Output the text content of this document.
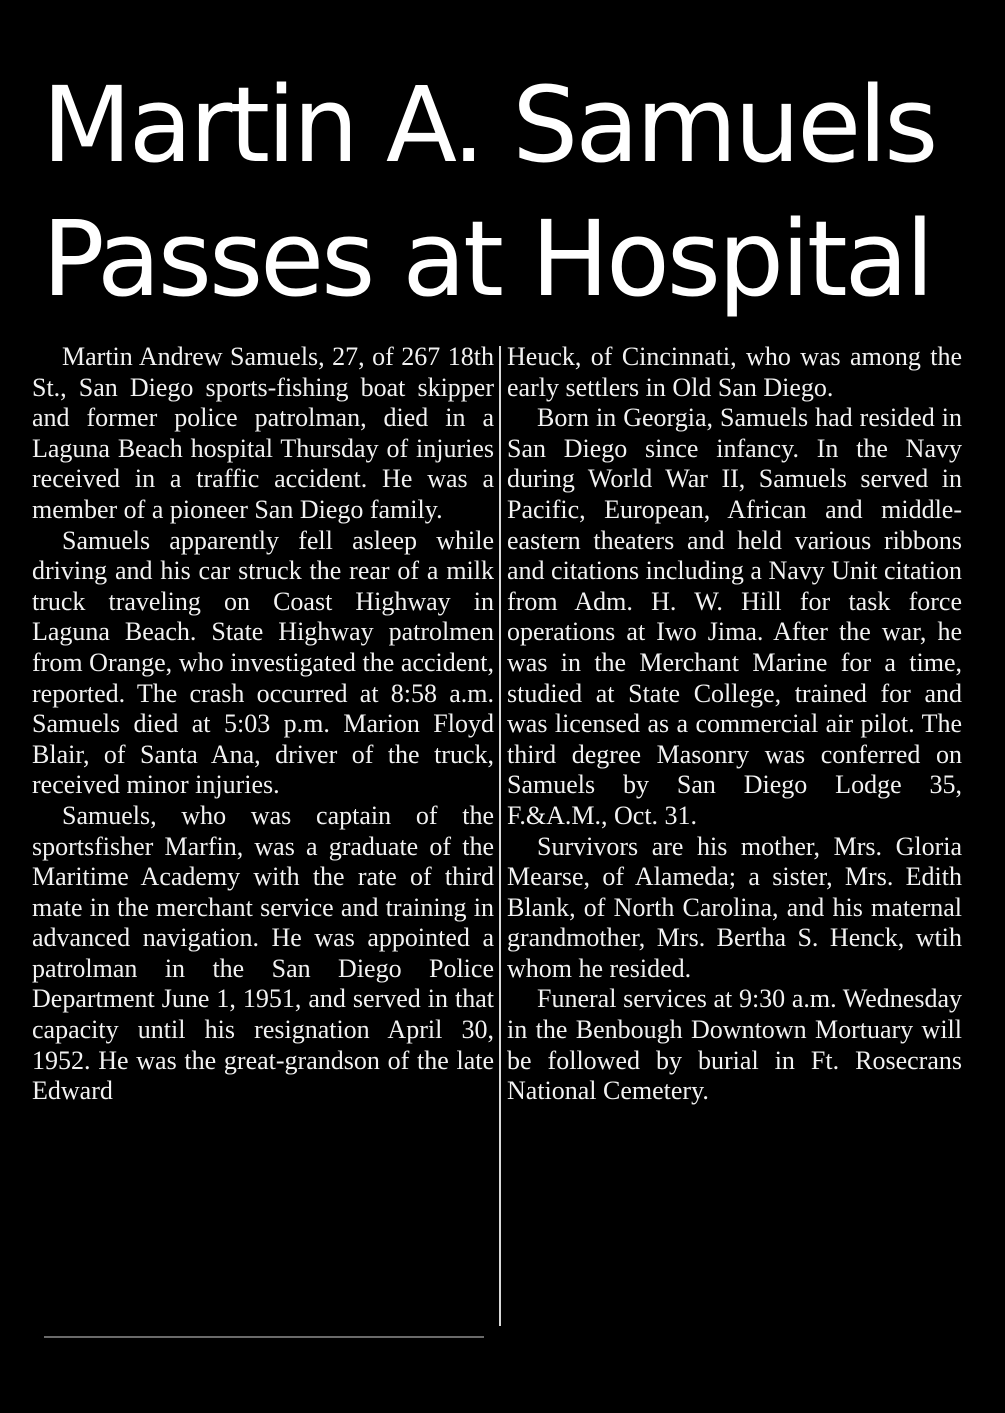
Martin A. Samuels
Passes at Hospital

Martin Andrew Samuels, 27, of 267 18th St., San Diego sports-fishing boat skipper and former police patrolman, died in a Laguna Beach hospital Thursday of injuries received in a traffic accident. He was a member of a pioneer San Diego family.

Samuels apparently fell asleep while driving and his car struck the rear of a milk truck traveling on Coast Highway in Laguna Beach. State Highway patrolmen from Orange, who investigated the accident, reported. The crash occurred at 8:58 a.m. Samuels died at 5:03 p.m. Marion Floyd Blair, of Santa Ana, driver of the truck, received minor injuries.

Samuels, who was captain of the sportsfisher Marfin, was a graduate of the Maritime Academy with the rate of third mate in the merchant service and training in advanced navigation. He was appointed a patrolman in the San Diego Police Department June 1, 1951, and served in that capacity until his resignation April 30, 1952. He was the great-grandson of the late Edward

Heuck, of Cincinnati, who was among the early settlers in Old San Diego.

Born in Georgia, Samuels had resided in San Diego since infancy. In the Navy during World War II, Samuels served in Pacific, European, African and middle-eastern theaters and held various ribbons and citations including a Navy Unit citation from Adm. H. W. Hill for task force operations at Iwo Jima. After the war, he was in the Merchant Marine for a time, studied at State College, trained for and was licensed as a commercial air pilot. The third degree Masonry was conferred on Samuels by San Diego Lodge 35, F.&A.M., Oct. 31.

Survivors are his mother, Mrs. Gloria Mearse, of Alameda; a sister, Mrs. Edith Blank, of North Carolina, and his maternal grandmother, Mrs. Bertha S. Henck, wtih whom he resided.

Funeral services at 9:30 a.m. Wednesday in the Benbough Downtown Mortuary will be followed by burial in Ft. Rosecrans National Cemetery.
